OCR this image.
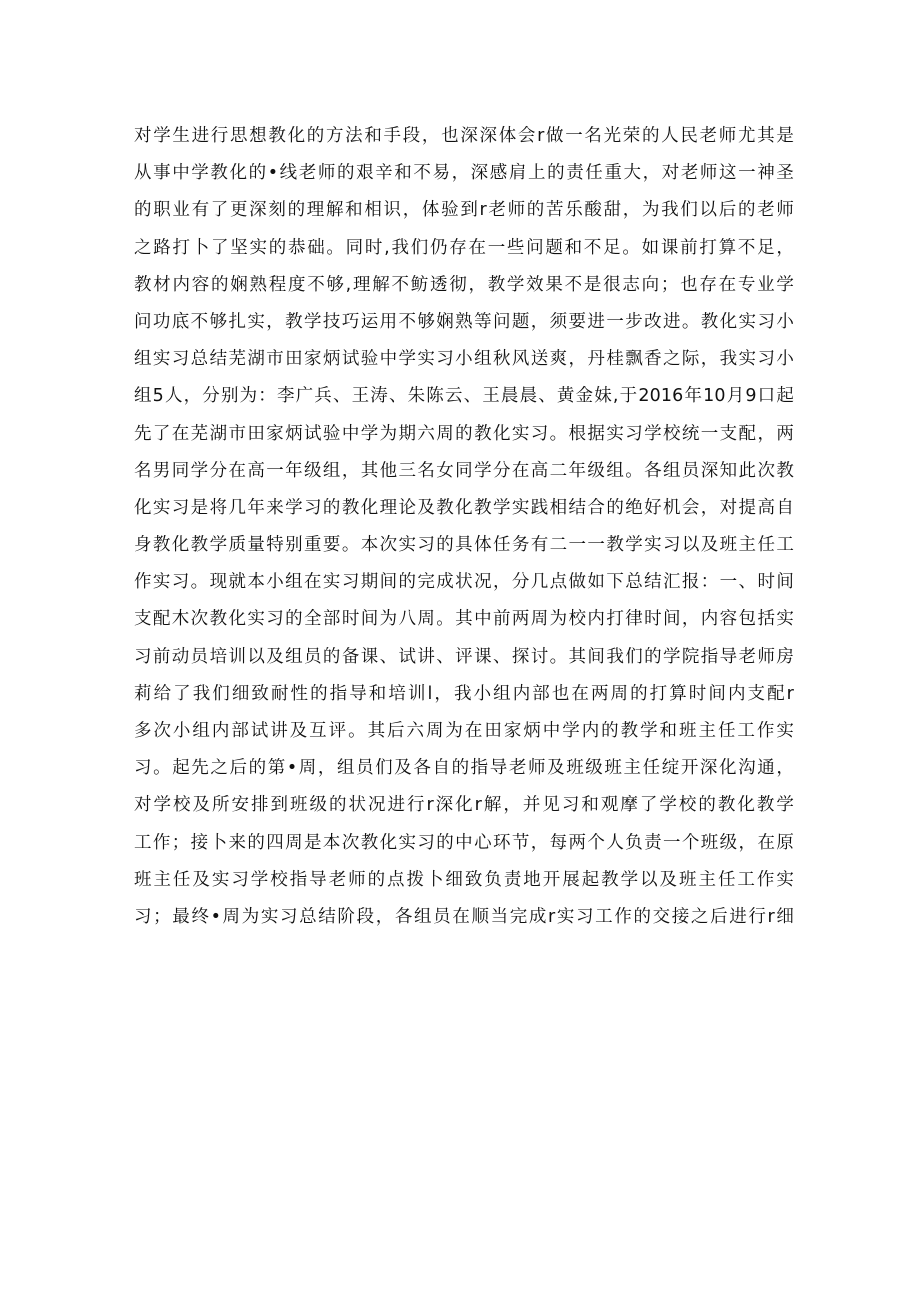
对学生进行思想教化的方法和手段，也深深体会r做一名光荣的人民老师尤其是
从事中学教化的•线老师的艰辛和不易，深感肩上的责任重大，对老师这一神圣
的职业有了更深刻的理解和相识，体验到r老师的苦乐酸甜，为我们以后的老师
之路打卜了坚实的恭础。同时,我们仍存在一些问题和不足。如课前打算不足，
教材内容的娴熟程度不够,理解不鲂透彻，教学效果不是很志向；也存在专业学
问功底不够扎实，教学技巧运用不够娴熟等问题，须要进一步改进。教化实习小
组实习总结芜湖市田家炳试验中学实习小组秋风送爽，丹桂飘香之际，我实习小
组5人，分别为：李广兵、王涛、朱陈云、王晨晨、黄金妹,于2016年10月9口起
先了在芜湖市田家炳试验中学为期六周的教化实习。根据实习学校统一支配，两
名男同学分在高一年级组，其他三名女同学分在高二年级组。各组员深知此次教
化实习是将几年来学习的教化理论及教化教学实践相结合的绝好机会，对提高自
身教化教学质量特别重要。本次实习的具体任务有二一一教学实习以及班主任工
作实习。现就本小组在实习期间的完成状况，分几点做如下总结汇报：一、时间
支配木次教化实习的全部时间为八周。其中前两周为校内打律时间，内容包括实
习前动员培训以及组员的备课、试讲、评课、探讨。其间我们的学院指导老师房
莉给了我们细致耐性的指导和培训l，我小组内部也在两周的打算时间内支配r
多次小组内部试讲及互评。其后六周为在田家炳中学内的教学和班主任工作实
习。起先之后的第•周，组员们及各自的指导老师及班级班主任绽开深化沟通，
对学校及所安排到班级的状况进行r深化r解，并见习和观摩了学校的教化教学
工作；接卜来的四周是本次教化实习的中心环节，每两个人负责一个班级，在原
班主任及实习学校指导老师的点拨卜细致负责地开展起教学以及班主任工作实
习；最终•周为实习总结阶段，各组员在顺当完成r实习工作的交接之后进行r细
